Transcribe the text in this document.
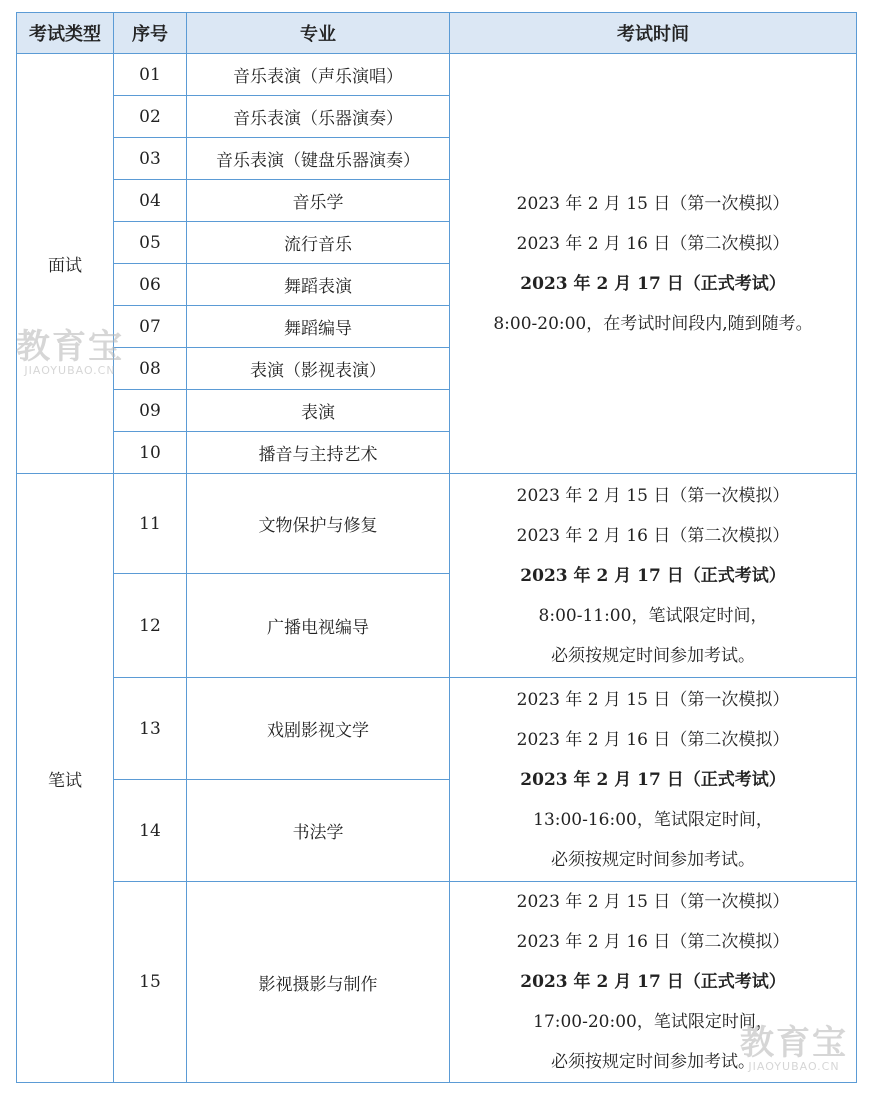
考试类型	序号	专业	考试时间
面试	01	音乐表演（声乐演唱）	2023 年 2 月 15 日（第一次模拟）
2023 年 2 月 16 日（第二次模拟）
2023 年 2 月 17 日（正式考试）
8:00-20:00，在考试时间段内,随到随考。

	02	音乐表演（乐器演奏）	
	03	音乐表演（键盘乐器演奏）	
	04	音乐学	
	05	流行音乐	
	06	舞蹈表演	
	07	舞蹈编导	
	08	表演（影视表演）	
	09	表演	
	10	播音与主持艺术	
笔试	11	文物保护与修复	2023 年 2 月 15 日（第一次模拟）
2023 年 2 月 16 日（第二次模拟）
2023 年 2 月 17 日（正式考试）
8:00-11:00，笔试限定时间，
必须按规定时间参加考试。

	12	广播电视编导	
	13	戏剧影视文学	2023 年 2 月 15 日（第一次模拟）
2023 年 2 月 16 日（第二次模拟）
2023 年 2 月 17 日（正式考试）
13:00-16:00，笔试限定时间，
必须按规定时间参加考试。

	14	书法学	
	15	影视摄影与制作	2023 年 2 月 15 日（第一次模拟）
2023 年 2 月 16 日（第二次模拟）
2023 年 2 月 17 日（正式考试）
17:00-20:00，笔试限定时间，
必须按规定时间参加考试。
教育宝
JIAOYUBAO.CN
教育宝
JIAOYUBAO.CN
